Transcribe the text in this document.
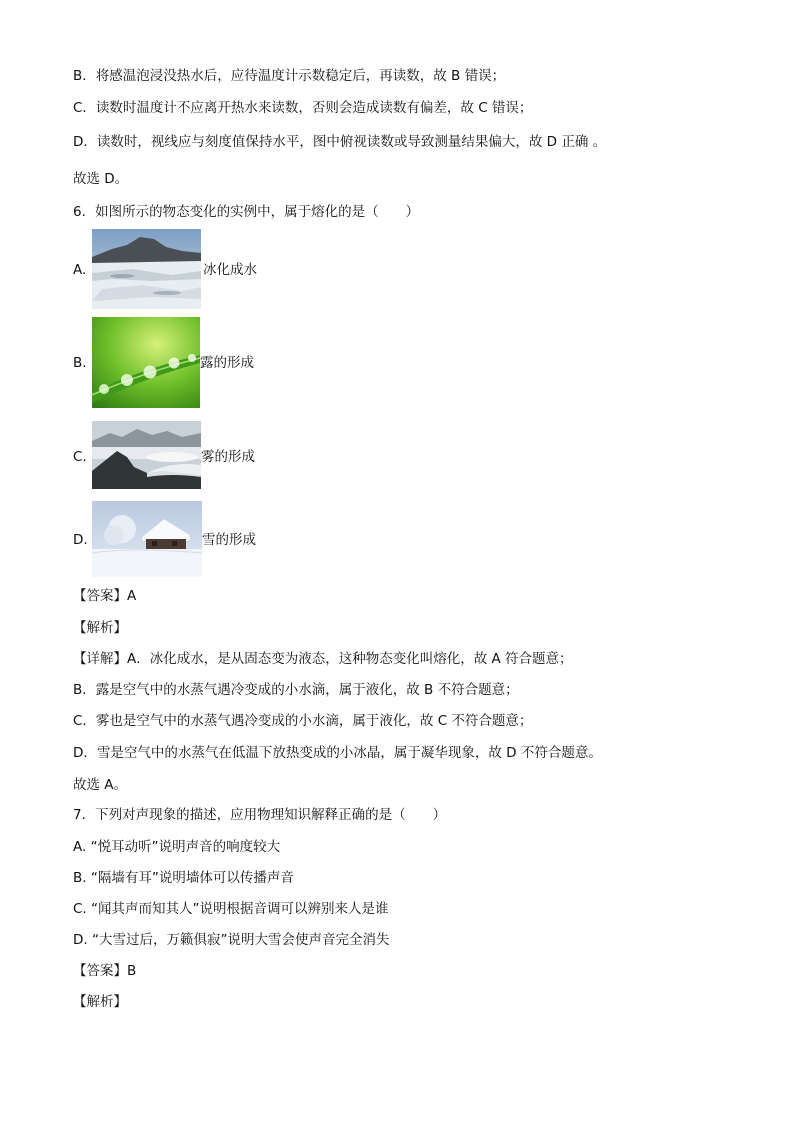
B．将感温泡浸没热水后，应待温度计示数稳定后，再读数，故 B 错误；
C．读数时温度计不应离开热水来读数，否则会造成读数有偏差，故 C 错误；
D．读数时，视线应与刻度值保持水平，图中俯视读数或导致测量结果偏大，故 D 正确 。
故选 D。
6．如图所示的物态变化的实例中，属于熔化的是（　　）
A.	冰化成水
B.	露的形成
C.	雾的形成
D.	雪的形成
【答案】A
【解析】
【详解】A．冰化成水，是从固态变为液态，这种物态变化叫熔化，故 A 符合题意；
B．露是空气中的水蒸气遇冷变成的小水滴，属于液化，故 B 不符合题意；
C．雾也是空气中的水蒸气遇冷变成的小水滴，属于液化，故 C 不符合题意；
D．雪是空气中的水蒸气在低温下放热变成的小冰晶，属于凝华现象，故 D 不符合题意。
故选 A。
7．下列对声现象的描述，应用物理知识解释正确的是（　　）
A. “悦耳动听”说明声音的响度较大
B. “隔墙有耳”说明墙体可以传播声音
C. “闻其声而知其人”说明根据音调可以辨别来人是谁
D. “大雪过后，万籁俱寂”说明大雪会使声音完全消失
【答案】B
【解析】
